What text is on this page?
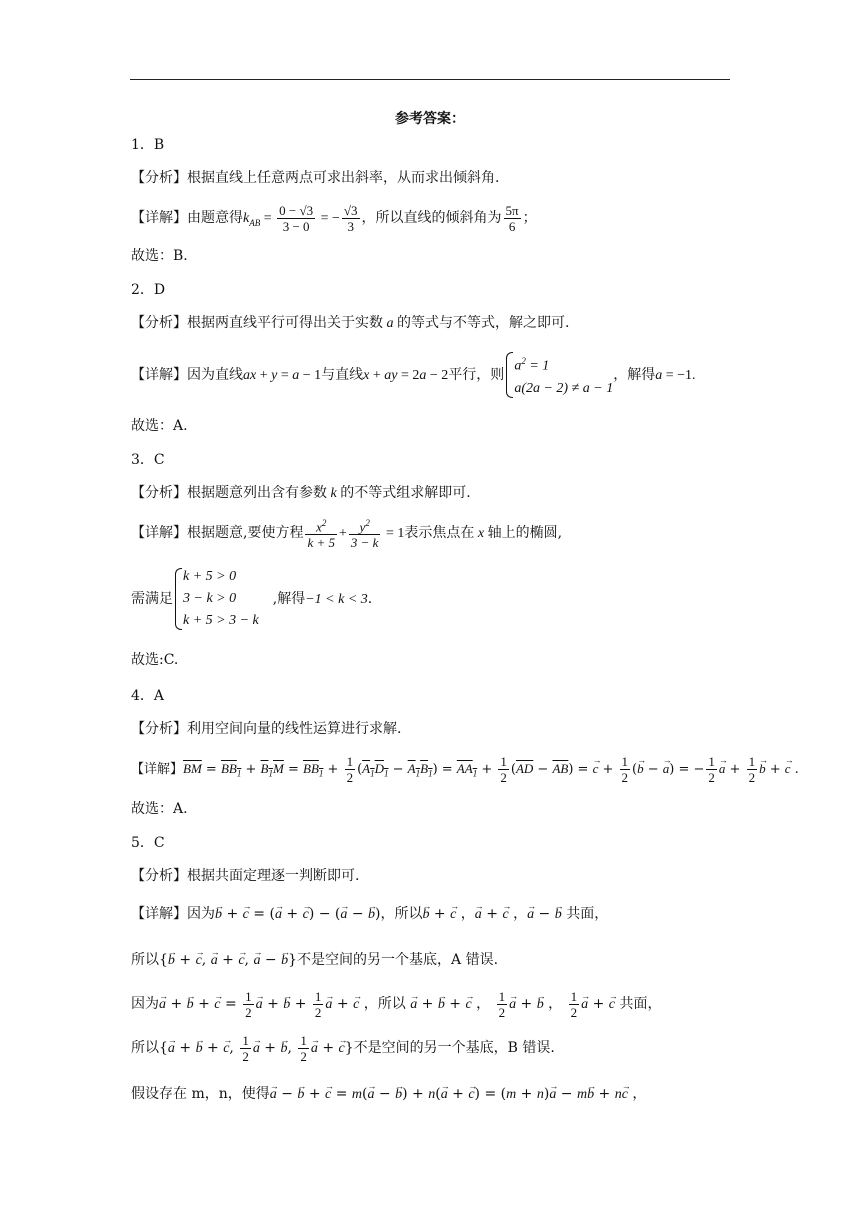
参考答案：
1．B
【分析】根据直线上任意两点可求出斜率，从而求出倾斜角.
【详解】由题意得$k_{AB} = \frac{0 - √3}{3 - 0}$ = − $\frac{√3}{3}$ ，所以直线的倾斜角为 $\frac{5\pi}{6}$ ；
故选：B.
2．D
【分析】根据两直线平行可得出关于实数 a 的等式与不等式，解之即可.
【详解】因为直线ax + y = a − 1与直线x + ay = 2a − 2平行，则
$a^2 = 1$
a(2a − 2) ≠ a − 1
，解得a = −1.
故选：A.
3．C
【分析】根据题意列出含有参数 k 的不等式组求解即可.
【详解】根据题意,要使方程 $\frac{x^2}{k + 5} + \frac{y^2}{3 - k} = 1$表示焦点在 x 轴上的椭圆,
需满足
k + 5 > 0
3 − k > 0
k + 5 > 3 − k
,解得−1 < k < 3.
故选:C.
4．A
【分析】利用空间向量的线性运算进行求解.
【详解】$\overline{BM} = BB_1 + B_1M = BB_1 + \frac{1}{2} (A_1D_1 - A_1B_1) = AA_1 + \frac{1}{2} (\overline{AD} - \overline{AB})$ = → $c + \frac{1}{2}$ (→ b − → a) = − $\frac{1}{2} \to a + \frac{1}{2} \to b$ + → c .
故选：A.
5．C
【分析】根据共面定理逐一判断即可.
【详解】因为→ b + → c = (→ a + → c) − (→ a − → b)，所以→ b + → c ，→ a + → c ，→ a − → b 共面，
所以{→ b + → c, → a + → c, → a − → b}不是空间的另一个基底，A 错误.
因为→ a + → b + → $c = \frac{1}{2} \to a$ + → $b + \frac{1}{2} \to a$ + → c ，所以 → a + → b + → c ， $\frac{1}{2} \to a$ + → b ， $\frac{1}{2} \to a$ + → c 共面，
所以{→ a + → b + → c, $\frac{1}{2} \to a$ + → b, $\frac{1}{2} \to a$ + → c}不是空间的另一个基底，B 错误.
假设存在 m，n，使得→ a − → b + → c = m(→ a − → b) + n(→ a + → c) = (m + n)→ a − m→ b + n→ c ，
